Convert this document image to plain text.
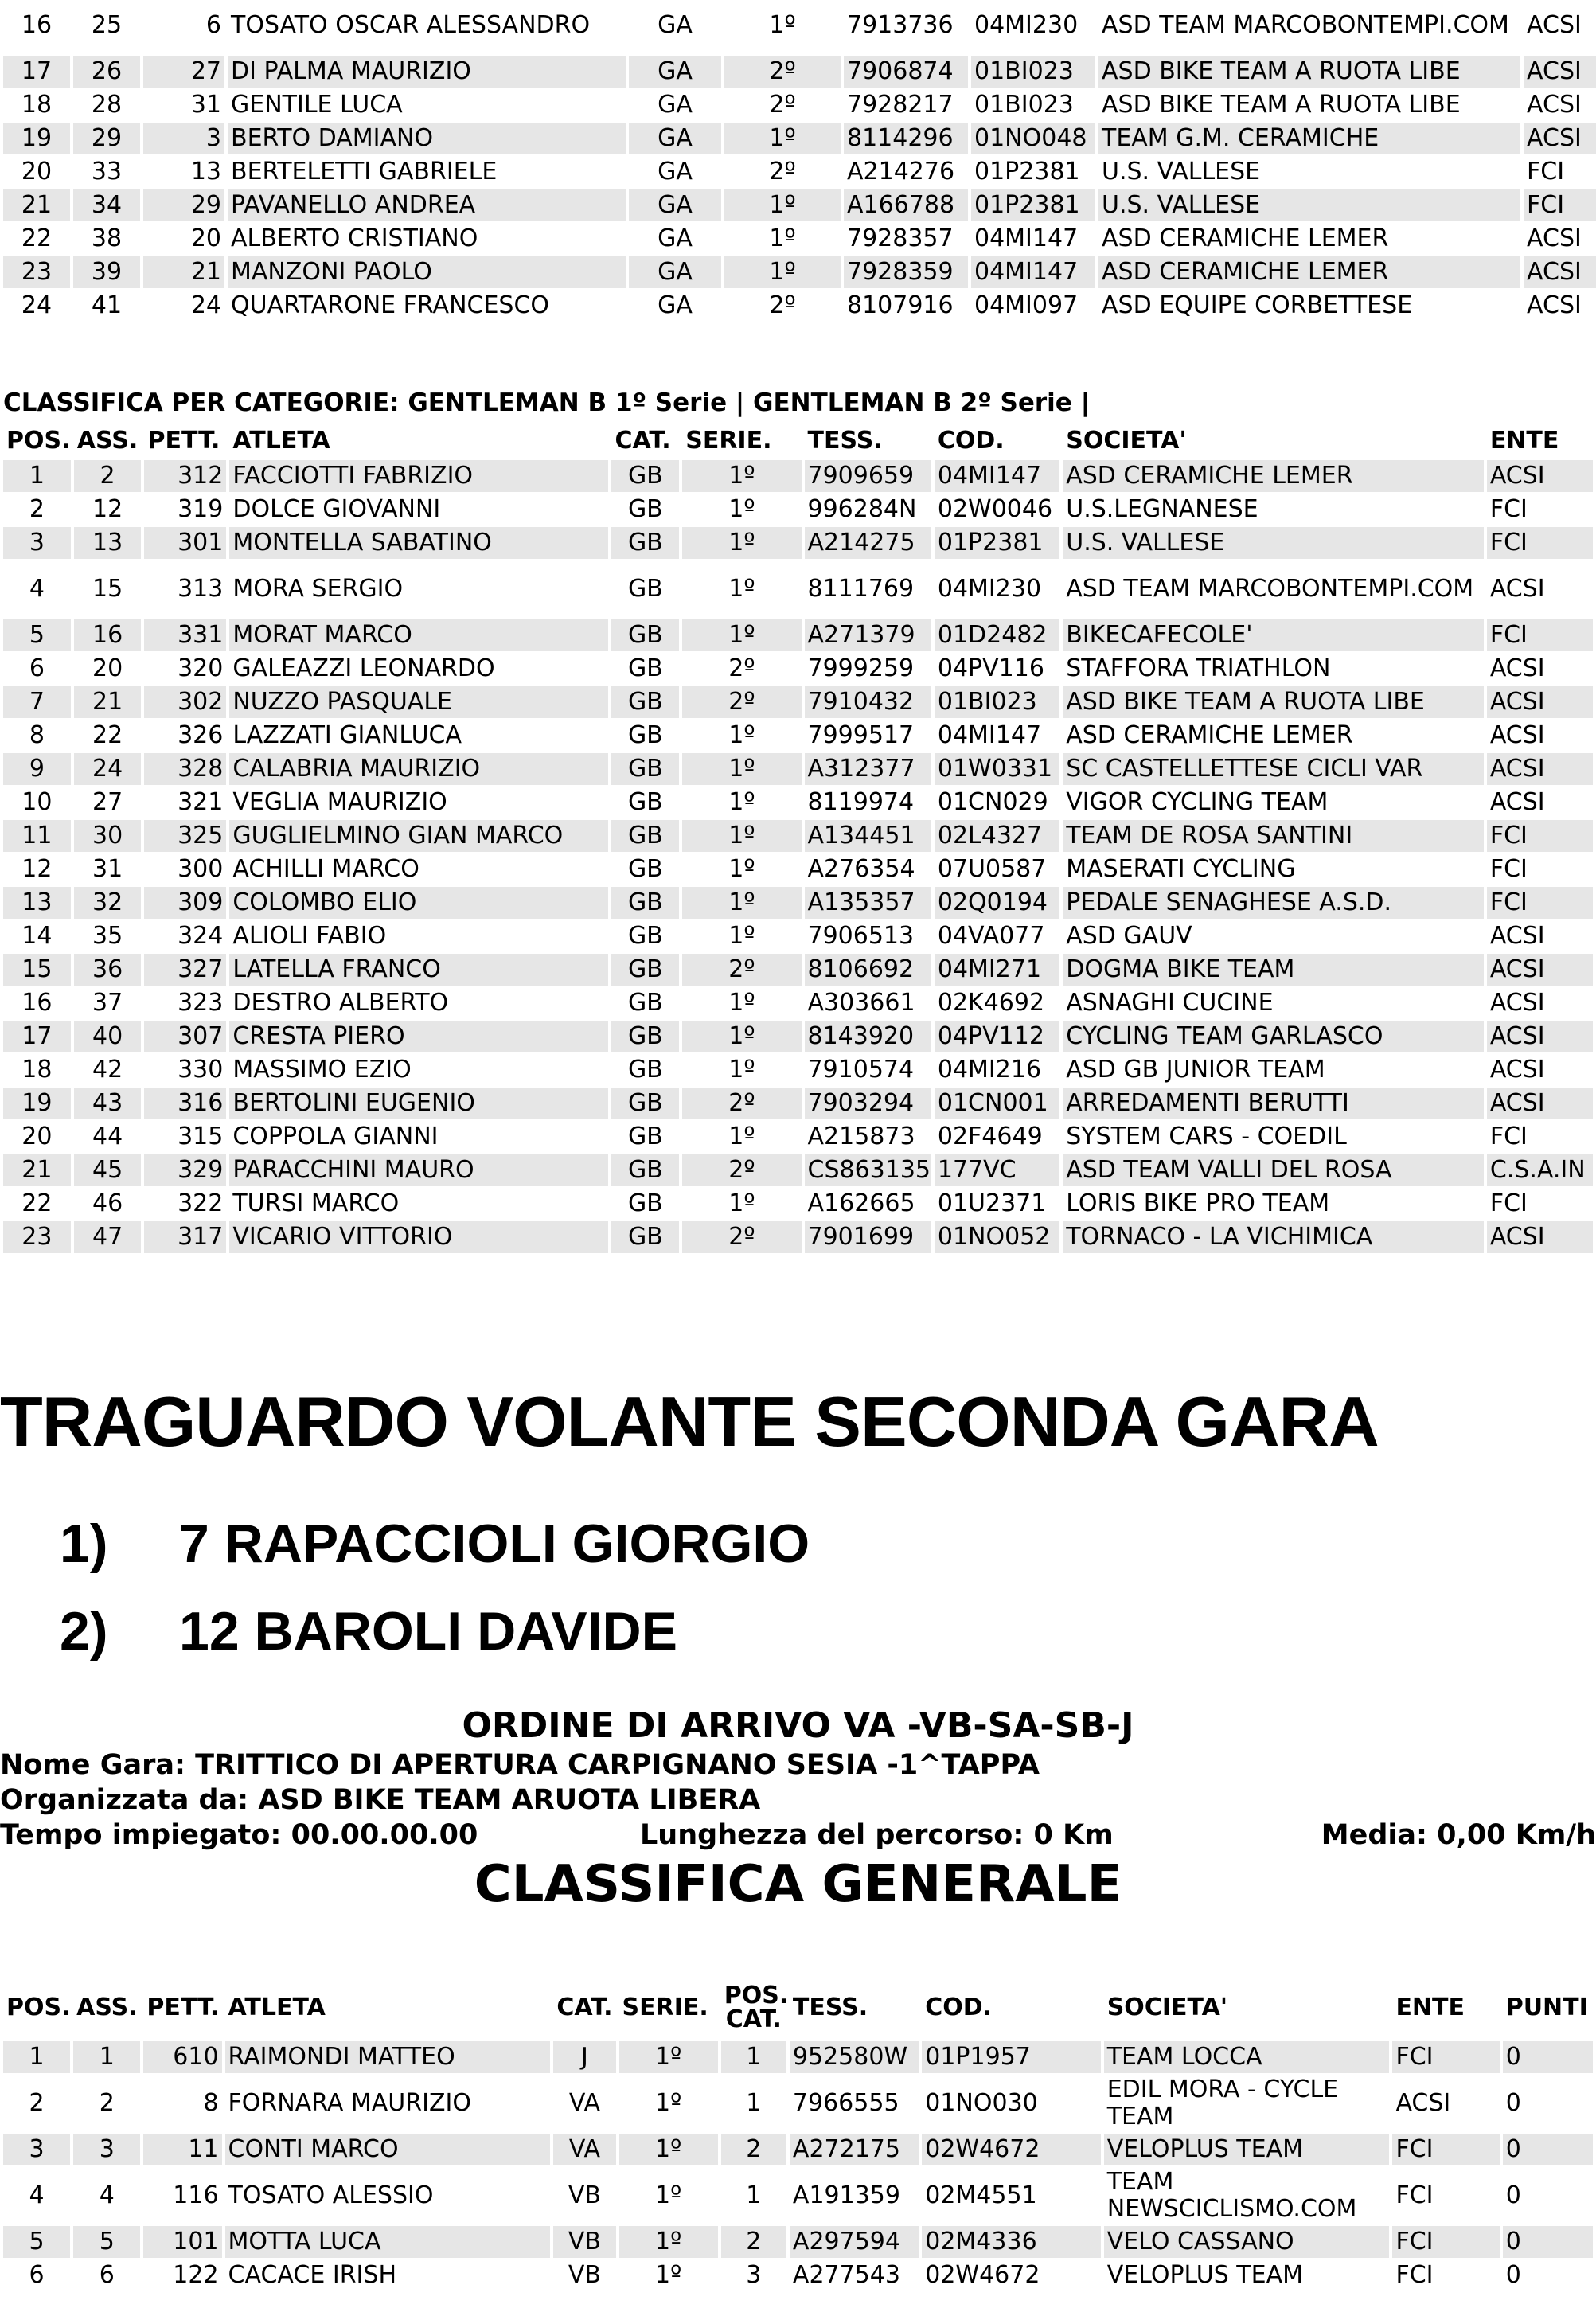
16	25	6	TOSATO OSCAR ALESSANDRO	GA	1º	7913736	04MI230	ASD TEAM MARCOBONTEMPI.COM	ACSI
17	26	27	DI PALMA MAURIZIO	GA	2º	7906874	01BI023	ASD BIKE TEAM A RUOTA LIBE	ACSI
18	28	31	GENTILE LUCA	GA	2º	7928217	01BI023	ASD BIKE TEAM A RUOTA LIBE	ACSI
19	29	3	BERTO DAMIANO	GA	1º	8114296	01NO048	TEAM G.M. CERAMICHE	ACSI
20	33	13	BERTELETTI GABRIELE	GA	2º	A214276	01P2381	U.S. VALLESE	FCI
21	34	29	PAVANELLO ANDREA	GA	1º	A166788	01P2381	U.S. VALLESE	FCI
22	38	20	ALBERTO CRISTIANO	GA	1º	7928357	04MI147	ASD CERAMICHE LEMER	ACSI
23	39	21	MANZONI PAOLO	GA	1º	7928359	04MI147	ASD CERAMICHE LEMER	ACSI
24	41	24	QUARTARONE FRANCESCO	GA	2º	8107916	04MI097	ASD EQUIPE CORBETTESE	ACSI
CLASSIFICA PER CATEGORIE: GENTLEMAN B 1º Serie | GENTLEMAN B 2º Serie |
POS.	ASS.	PETT.	ATLETA	CAT.	SERIE.	TESS.	COD.	SOCIETA'	ENTE
1	2	312	FACCIOTTI FABRIZIO	GB	1º	7909659	04MI147	ASD CERAMICHE LEMER	ACSI
2	12	319	DOLCE GIOVANNI	GB	1º	996284N	02W0046	U.S.LEGNANESE	FCI
3	13	301	MONTELLA SABATINO	GB	1º	A214275	01P2381	U.S. VALLESE	FCI
4	15	313	MORA SERGIO	GB	1º	8111769	04MI230	ASD TEAM MARCOBONTEMPI.COM	ACSI
5	16	331	MORAT MARCO	GB	1º	A271379	01D2482	BIKECAFECOLE'	FCI
6	20	320	GALEAZZI LEONARDO	GB	2º	7999259	04PV116	STAFFORA TRIATHLON	ACSI
7	21	302	NUZZO PASQUALE	GB	2º	7910432	01BI023	ASD BIKE TEAM A RUOTA LIBE	ACSI
8	22	326	LAZZATI GIANLUCA	GB	1º	7999517	04MI147	ASD CERAMICHE LEMER	ACSI
9	24	328	CALABRIA MAURIZIO	GB	1º	A312377	01W0331	SC CASTELLETTESE CICLI VAR	ACSI
10	27	321	VEGLIA MAURIZIO	GB	1º	8119974	01CN029	VIGOR CYCLING TEAM	ACSI
11	30	325	GUGLIELMINO GIAN MARCO	GB	1º	A134451	02L4327	TEAM DE ROSA SANTINI	FCI
12	31	300	ACHILLI MARCO	GB	1º	A276354	07U0587	MASERATI CYCLING	FCI
13	32	309	COLOMBO ELIO	GB	1º	A135357	02Q0194	PEDALE SENAGHESE A.S.D.	FCI
14	35	324	ALIOLI FABIO	GB	1º	7906513	04VA077	ASD GAUV	ACSI
15	36	327	LATELLA FRANCO	GB	2º	8106692	04MI271	DOGMA BIKE TEAM	ACSI
16	37	323	DESTRO ALBERTO	GB	1º	A303661	02K4692	ASNAGHI CUCINE	ACSI
17	40	307	CRESTA PIERO	GB	1º	8143920	04PV112	CYCLING TEAM GARLASCO	ACSI
18	42	330	MASSIMO EZIO	GB	1º	7910574	04MI216	ASD GB JUNIOR TEAM	ACSI
19	43	316	BERTOLINI EUGENIO	GB	2º	7903294	01CN001	ARREDAMENTI BERUTTI	ACSI
20	44	315	COPPOLA GIANNI	GB	1º	A215873	02F4649	SYSTEM CARS - COEDIL	FCI
21	45	329	PARACCHINI MAURO	GB	2º	CS863135	177VC	ASD TEAM VALLI DEL ROSA	C.S.A.IN
22	46	322	TURSI MARCO	GB	1º	A162665	01U2371	LORIS BIKE PRO TEAM	FCI
23	47	317	VICARIO VITTORIO	GB	2º	7901699	01NO052	TORNACO - LA VICHIMICA	ACSI
TRAGUARDO VOLANTE SECONDA GARA
1) 7 RAPACCIOLI GIORGIO
2) 12 BAROLI DAVIDE
ORDINE DI ARRIVO VA -VB-SA-SB-J
Nome Gara: TRITTICO DI APERTURA CARPIGNANO SESIA -1^TAPPA
Organizzata da: ASD BIKE TEAM ARUOTA LIBERA
Tempo impiegato: 00.00.00.00	Lunghezza del percorso: 0 Km	Media: 0,00 Km/h
CLASSIFICA GENERALE
POS.	ASS.	PETT.	ATLETA	CAT.	SERIE.	POS. CAT.	TESS.	COD.	SOCIETA'	ENTE	PUNTI
1	1	610	RAIMONDI MATTEO	J	1º	1	952580W	01P1957	TEAM LOCCA	FCI	0
2	2	8	FORNARA MAURIZIO	VA	1º	1	7966555	01NO030	EDIL MORA - CYCLE TEAM	ACSI	0
3	3	11	CONTI MARCO	VA	1º	2	A272175	02W4672	VELOPLUS TEAM	FCI	0
4	4	116	TOSATO ALESSIO	VB	1º	1	A191359	02M4551	TEAM NEWSCICLISMO.COM	FCI	0
5	5	101	MOTTA LUCA	VB	1º	2	A297594	02M4336	VELO CASSANO	FCI	0
6	6	122	CACACE IRISH	VB	1º	3	A277543	02W4672	VELOPLUS TEAM	FCI	0
